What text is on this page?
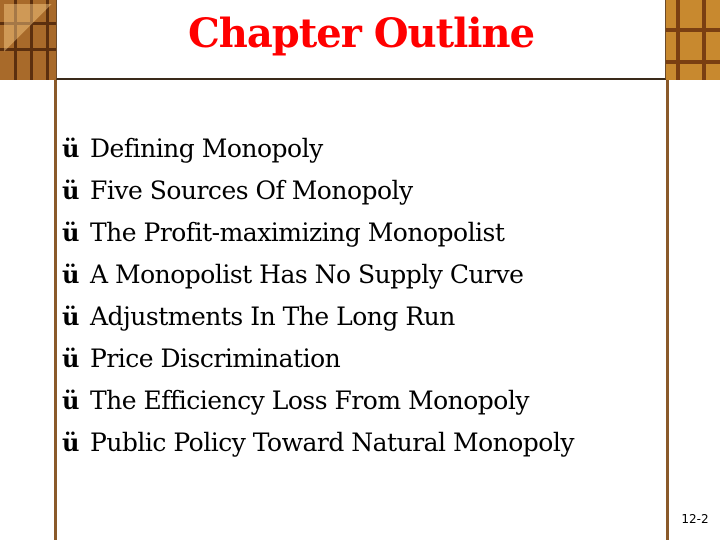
Chapter Outline
ü Defining Monopoly
ü Five Sources Of Monopoly
ü The Profit-maximizing Monopolist
ü A Monopolist Has No Supply Curve
ü Adjustments In The Long Run
ü Price Discrimination
ü The Efficiency Loss From Monopoly
ü Public Policy Toward Natural Monopoly
12-2
